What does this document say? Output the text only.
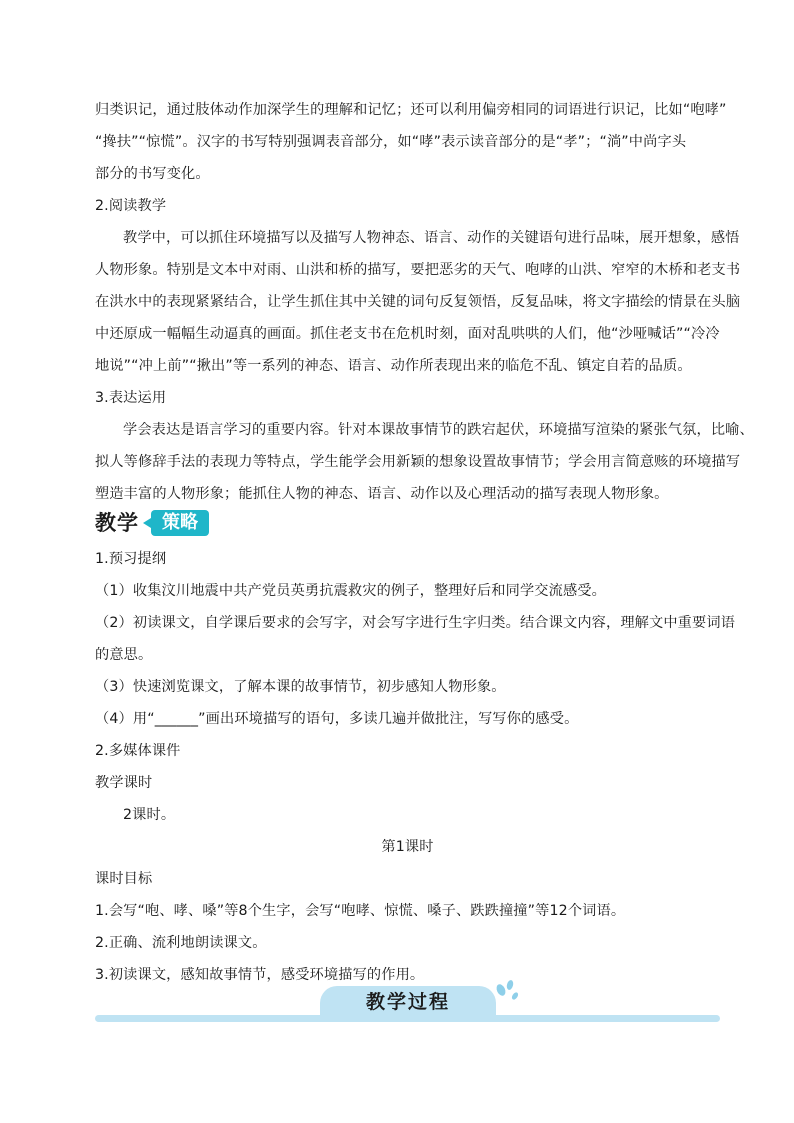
归类识记，通过肢体动作加深学生的理解和记忆；还可以利用偏旁相同的词语进行识记，比如“咆哮”
“搀扶”“惊慌”。汉字的书写特别强调表音部分，如“哮”表示读音部分的是“孝”；“淌”中尚字头
部分的书写变化。
2.阅读教学
教学中，可以抓住环境描写以及描写人物神态、语言、动作的关键语句进行品味，展开想象，感悟
人物形象。特别是文本中对雨、山洪和桥的描写，要把恶劣的天气、咆哮的山洪、窄窄的木桥和老支书
在洪水中的表现紧紧结合，让学生抓住其中关键的词句反复领悟，反复品味，将文字描绘的情景在头脑
中还原成一幅幅生动逼真的画面。抓住老支书在危机时刻，面对乱哄哄的人们，他“沙哑喊话”“冷冷
地说”“冲上前”“揪出”等一系列的神态、语言、动作所表现出来的临危不乱、镇定自若的品质。
3.表达运用
学会表达是语言学习的重要内容。针对本课故事情节的跌宕起伏，环境描写渲染的紧张气氛，比喻、
拟人等修辞手法的表现力等特点，学生能学会用新颖的想象设置故事情节；学会用言简意赅的环境描写
塑造丰富的人物形象；能抓住人物的神态、语言、动作以及心理活动的描写表现人物形象。
1.预习提纲
（1）收集汶川地震中共产党员英勇抗震救灾的例子，整理好后和同学交流感受。
（2）初读课文，自学课后要求的会写字，对会写字进行生字归类。结合课文内容，理解文中重要词语
的意思。
（3）快速浏览课文，了解本课的故事情节，初步感知人物形象。
（4）用“______”画出环境描写的语句，多读几遍并做批注，写写你的感受。
2.多媒体课件
教学课时
2课时。
第1课时
课时目标
1.会写“咆、哮、嗓”等8个生字，会写“咆哮、惊慌、嗓子、跌跌撞撞”等12个词语。
2.正确、流利地朗读课文。
3.初读课文，感知故事情节，感受环境描写的作用。
教学	策略
教学过程
